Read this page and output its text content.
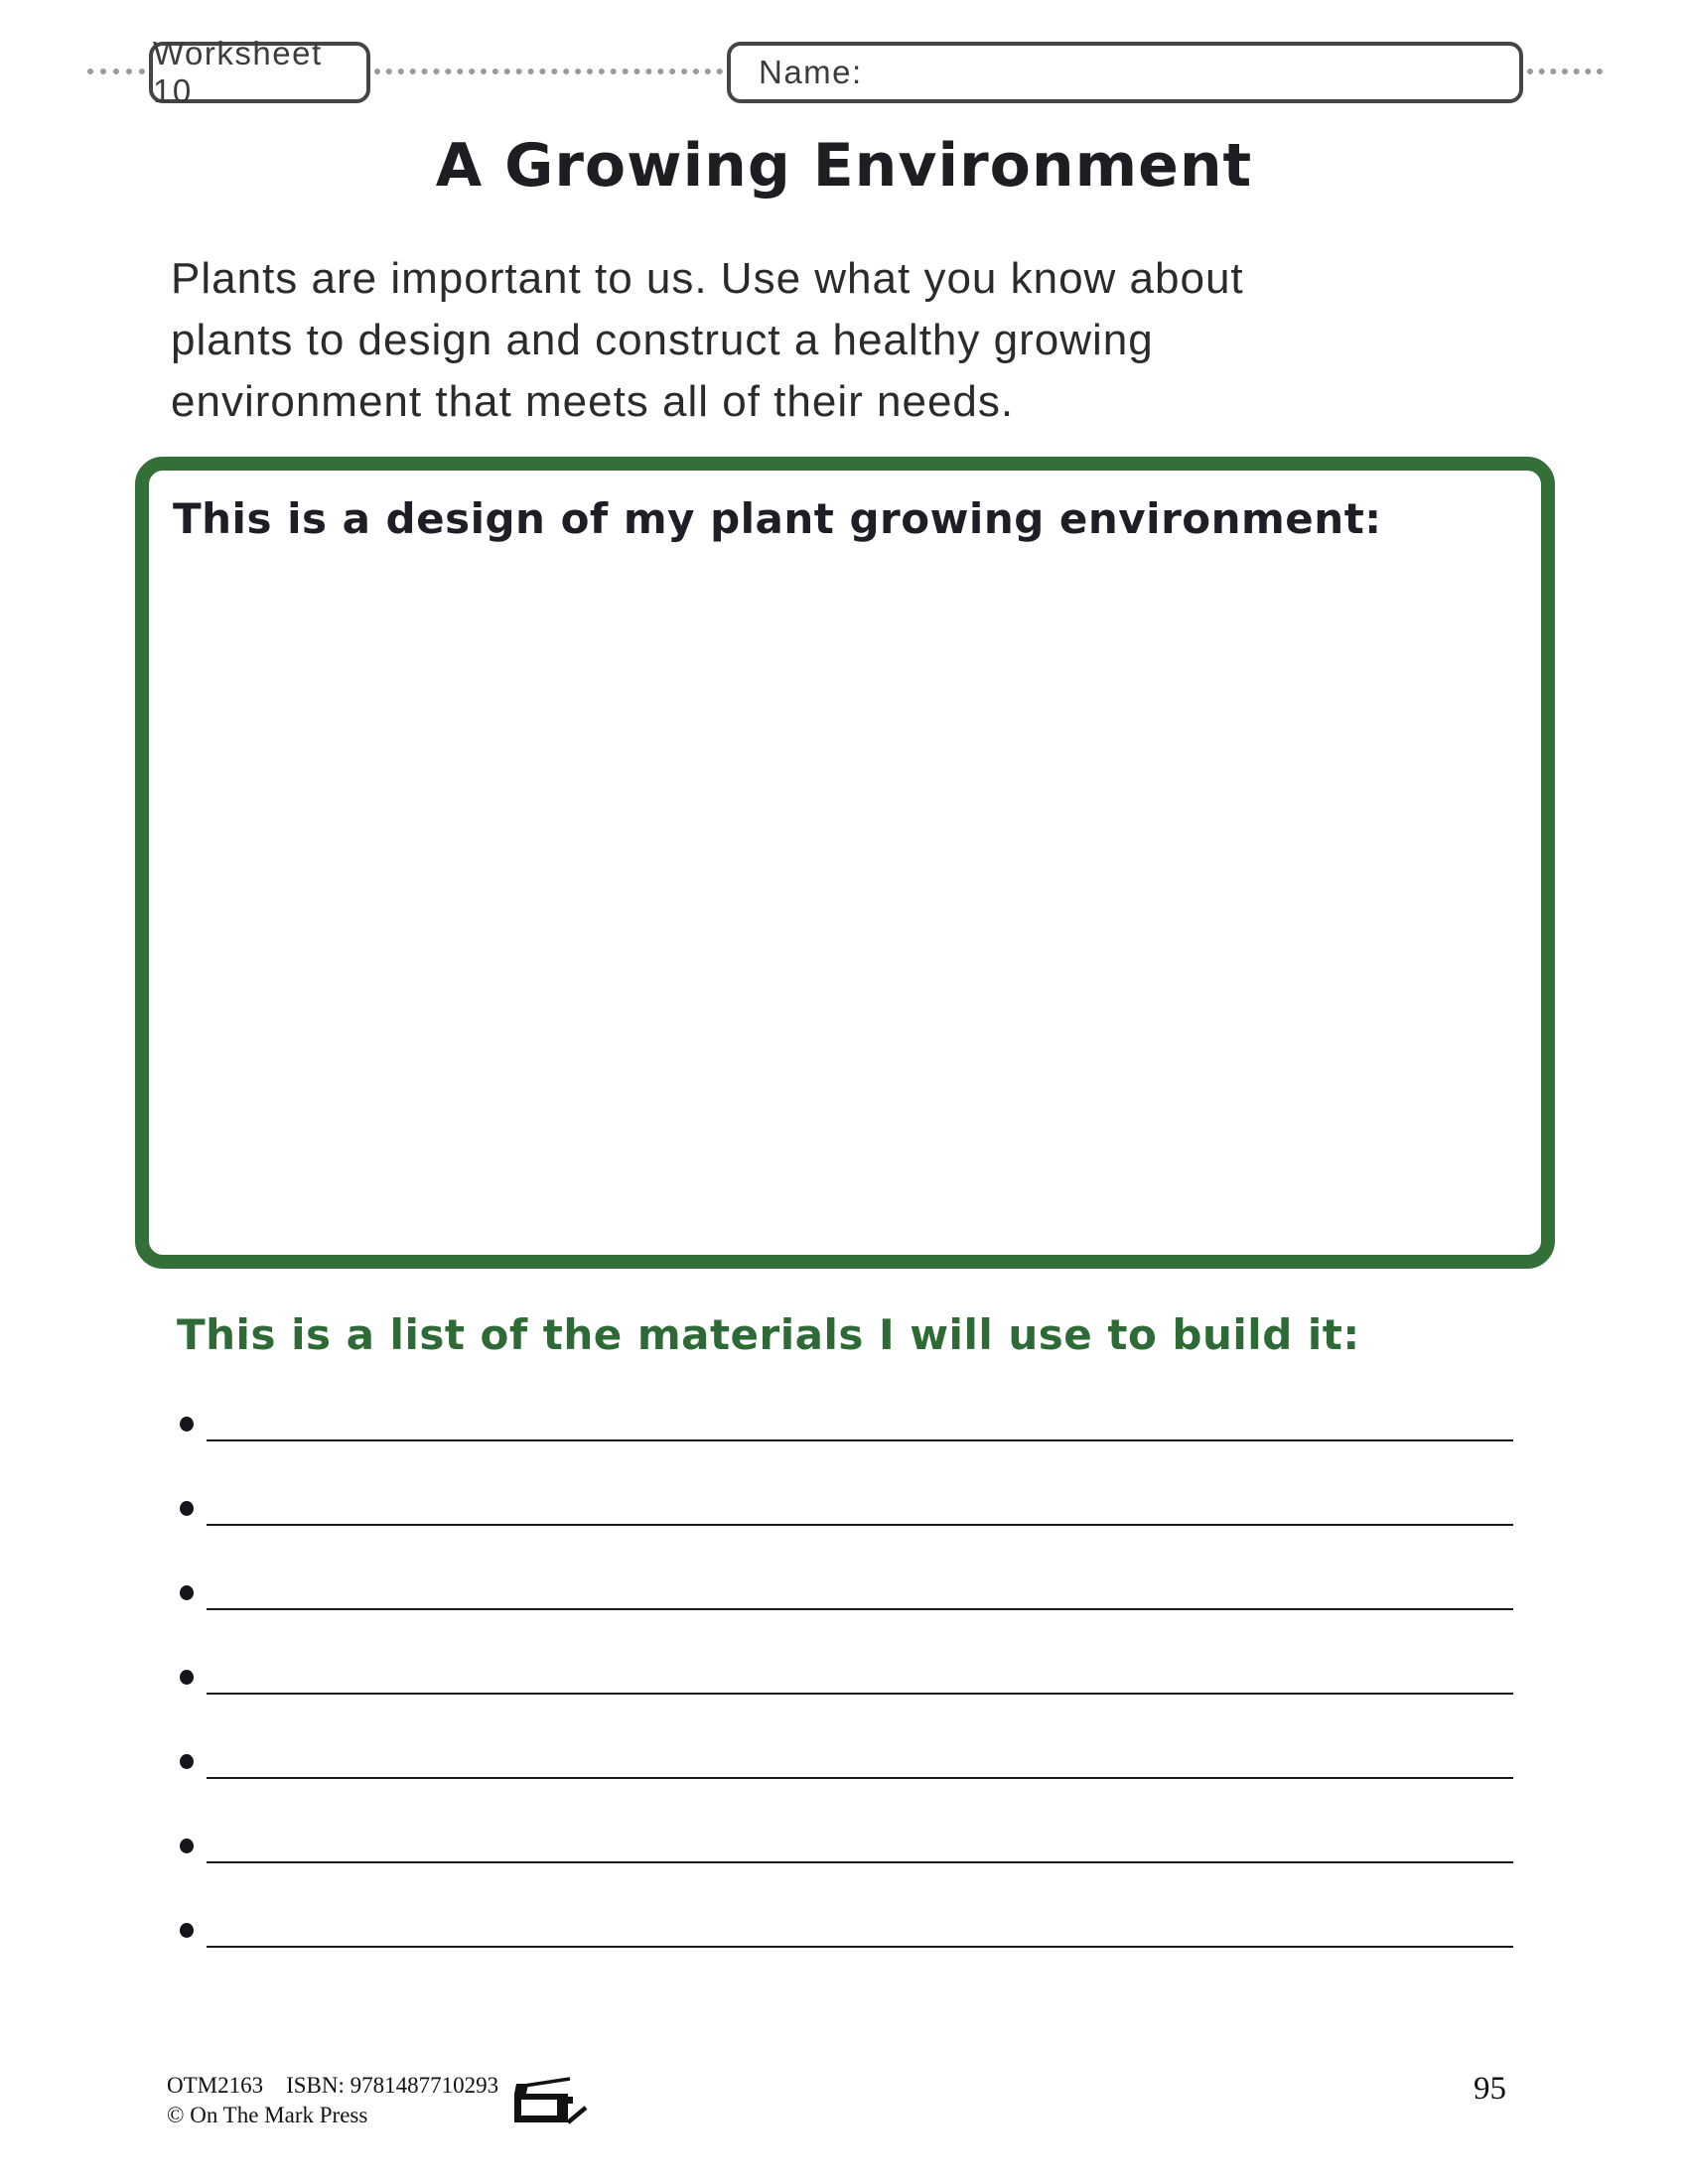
Worksheet 10
Name:
A Growing Environment
Plants are important to us. Use what you know about
plants to design and construct a healthy growing
environment that meets all of their needs.
This is a design of my plant growing environment:
This is a list of the materials I will use to build it:
OTM2163    ISBN: 9781487710293
© On The Mark Press
95
